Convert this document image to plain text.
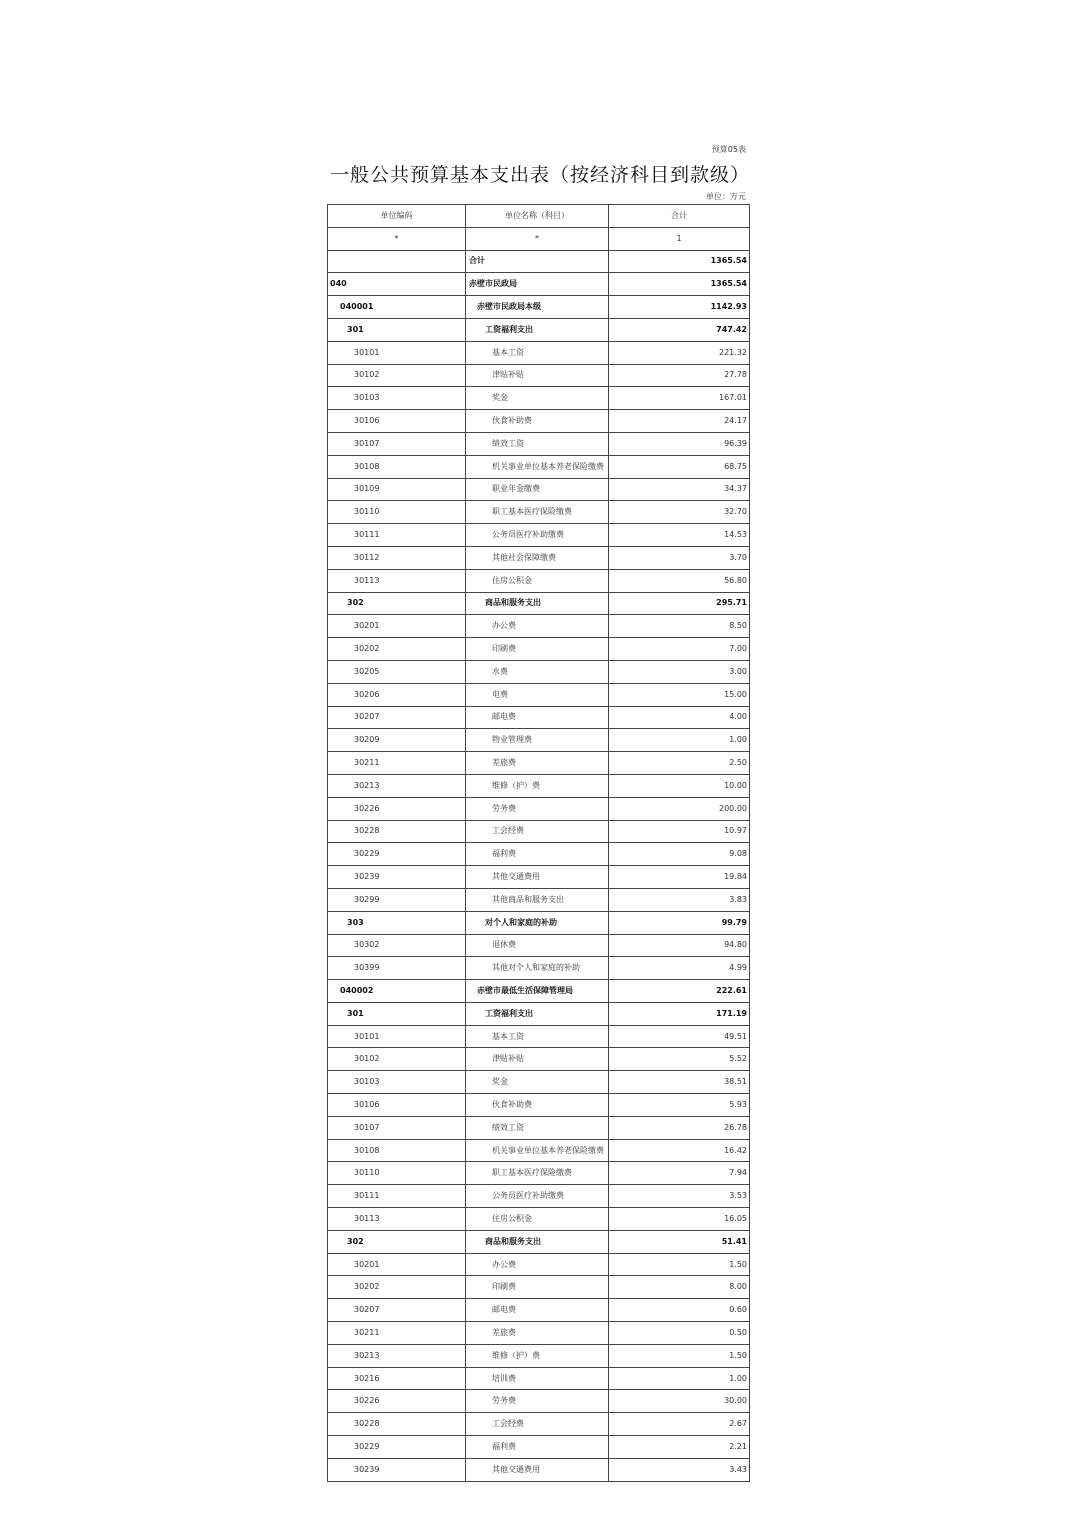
预算05表
一般公共预算基本支出表（按经济科目到款级）
单位：万元
单位编码	单位名称（科目）	合计
*	*	1
	合计	1365.54
040	赤壁市民政局	1365.54
040001	赤壁市民政局本级	1142.93
301	工资福利支出	747.42
30101	基本工资	221.32
30102	津贴补贴	27.78
30103	奖金	167.01
30106	伙食补助费	24.17
30107	绩效工资	96.39
30108	机关事业单位基本养老保险缴费	68.75
30109	职业年金缴费	34.37
30110	职工基本医疗保险缴费	32.70
30111	公务员医疗补助缴费	14.53
30112	其他社会保障缴费	3.70
30113	住房公积金	56.80
302	商品和服务支出	295.71
30201	办公费	8.50
30202	印刷费	7.00
30205	水费	3.00
30206	电费	15.00
30207	邮电费	4.00
30209	物业管理费	1.00
30211	差旅费	2.50
30213	维修（护）费	10.00
30226	劳务费	200.00
30228	工会经费	10.97
30229	福利费	9.08
30239	其他交通费用	19.84
30299	其他商品和服务支出	3.83
303	对个人和家庭的补助	99.79
30302	退休费	94.80
30399	其他对个人和家庭的补助	4.99
040002	赤壁市最低生活保障管理局	222.61
301	工资福利支出	171.19
30101	基本工资	49.51
30102	津贴补贴	5.52
30103	奖金	38.51
30106	伙食补助费	5.93
30107	绩效工资	26.78
30108	机关事业单位基本养老保险缴费	16.42
30110	职工基本医疗保险缴费	7.94
30111	公务员医疗补助缴费	3.53
30113	住房公积金	16.05
302	商品和服务支出	51.41
30201	办公费	1.50
30202	印刷费	8.00
30207	邮电费	0.60
30211	差旅费	0.50
30213	维修（护）费	1.50
30216	培训费	1.00
30226	劳务费	30.00
30228	工会经费	2.67
30229	福利费	2.21
30239	其他交通费用	3.43
